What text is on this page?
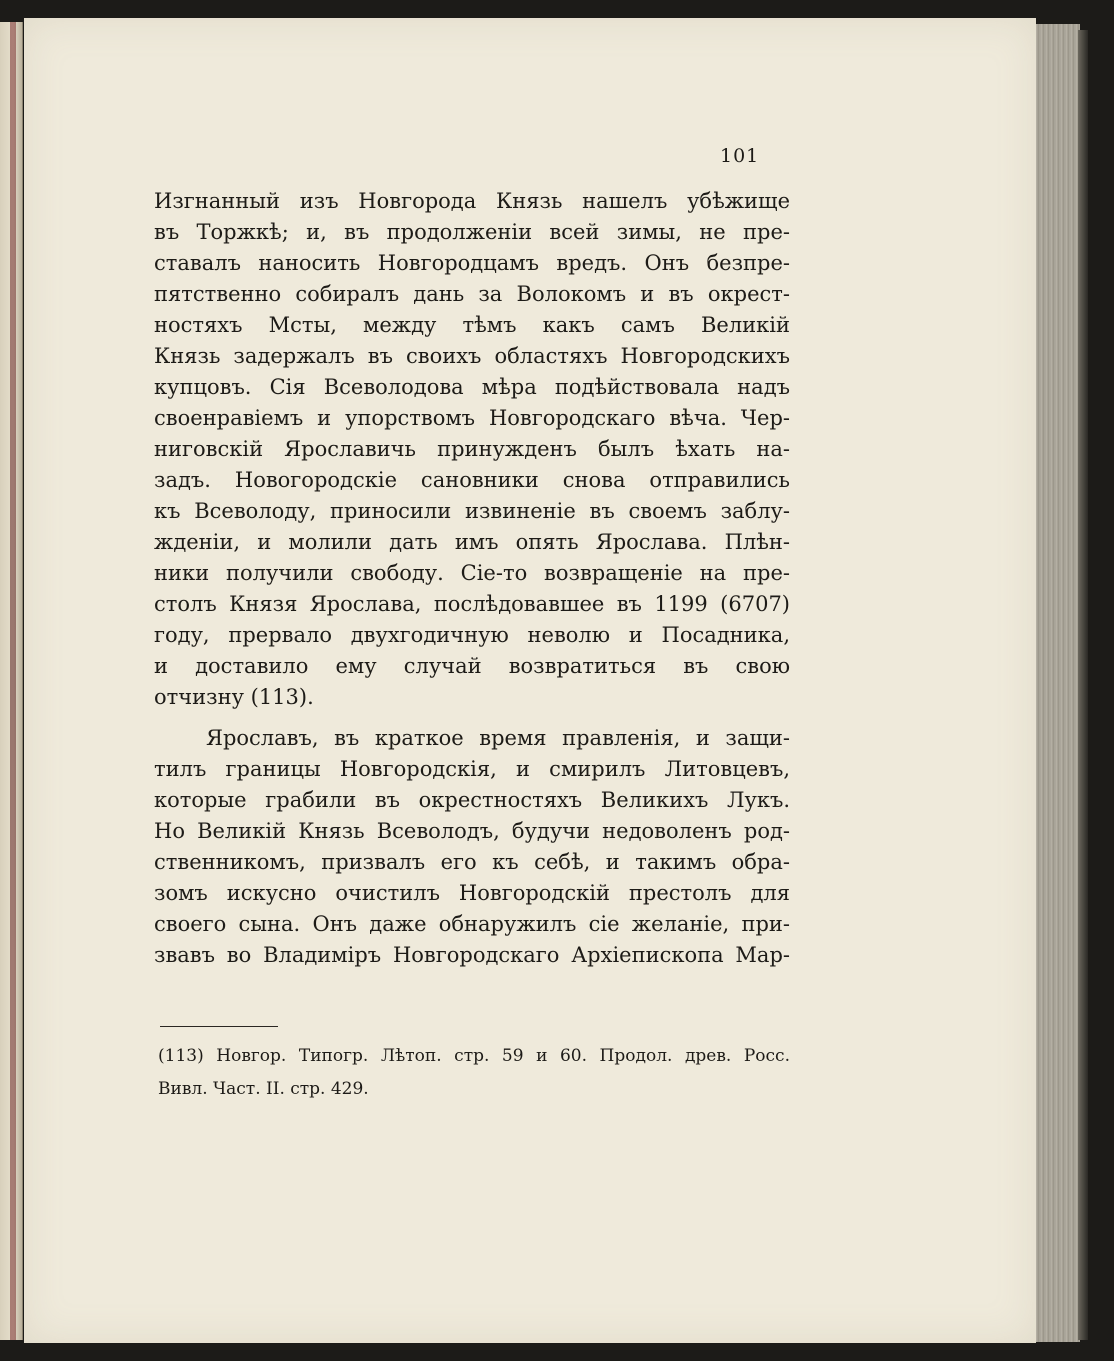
101
Изгнанный изъ Новгорода Князь нашелъ убѣжище
въ Торжкѣ; и, въ продолженіи всей зимы, не пре-
ставалъ наносить Новгородцамъ вредъ. Онъ безпре-
пятственно собиралъ дань за Волокомъ и въ окрест-
ностяхъ Мсты, между тѣмъ какъ самъ Великій
Князь задержалъ въ своихъ областяхъ Новгородскихъ
купцовъ. Сія Всеволодова мѣра подѣйствовала надъ
своенравіемъ и упорствомъ Новгородскаго вѣча. Чер-
ниговскій Ярославичь принужденъ былъ ѣхать на-
задъ. Новогородскіе сановники снова отправились
къ Всеволоду, приносили извиненіе въ своемъ заблу-
жденіи, и молили дать имъ опять Ярослава. Плѣн-
ники получили свободу. Сіе-то возвращеніе на пре-
столъ Князя Ярослава, послѣдовавшее въ 1199 (6707)
году, прервало двухгодичную неволю и Посадника,
и доставило ему случай возвратиться въ свою
отчизну (113).
Ярославъ, въ краткое время правленія, и защи-
тилъ границы Новгородскія, и смирилъ Литовцевъ,
которые грабили въ окрестностяхъ Великихъ Лукъ.
Но Великій Князь Всеволодъ, будучи недоволенъ род-
ственникомъ, призвалъ его къ себѣ, и такимъ обра-
зомъ искусно очистилъ Новгородскій престолъ для
своего сына. Онъ даже обнаружилъ сіе желаніе, при-
звавъ во Владиміръ Новгородскаго Архіепископа Мар-
(113) Новгор. Типогр. Лѣтоп. стр. 59 и 60. Продол. древ. Росс.
Вивл. Част. II. стр. 429.
